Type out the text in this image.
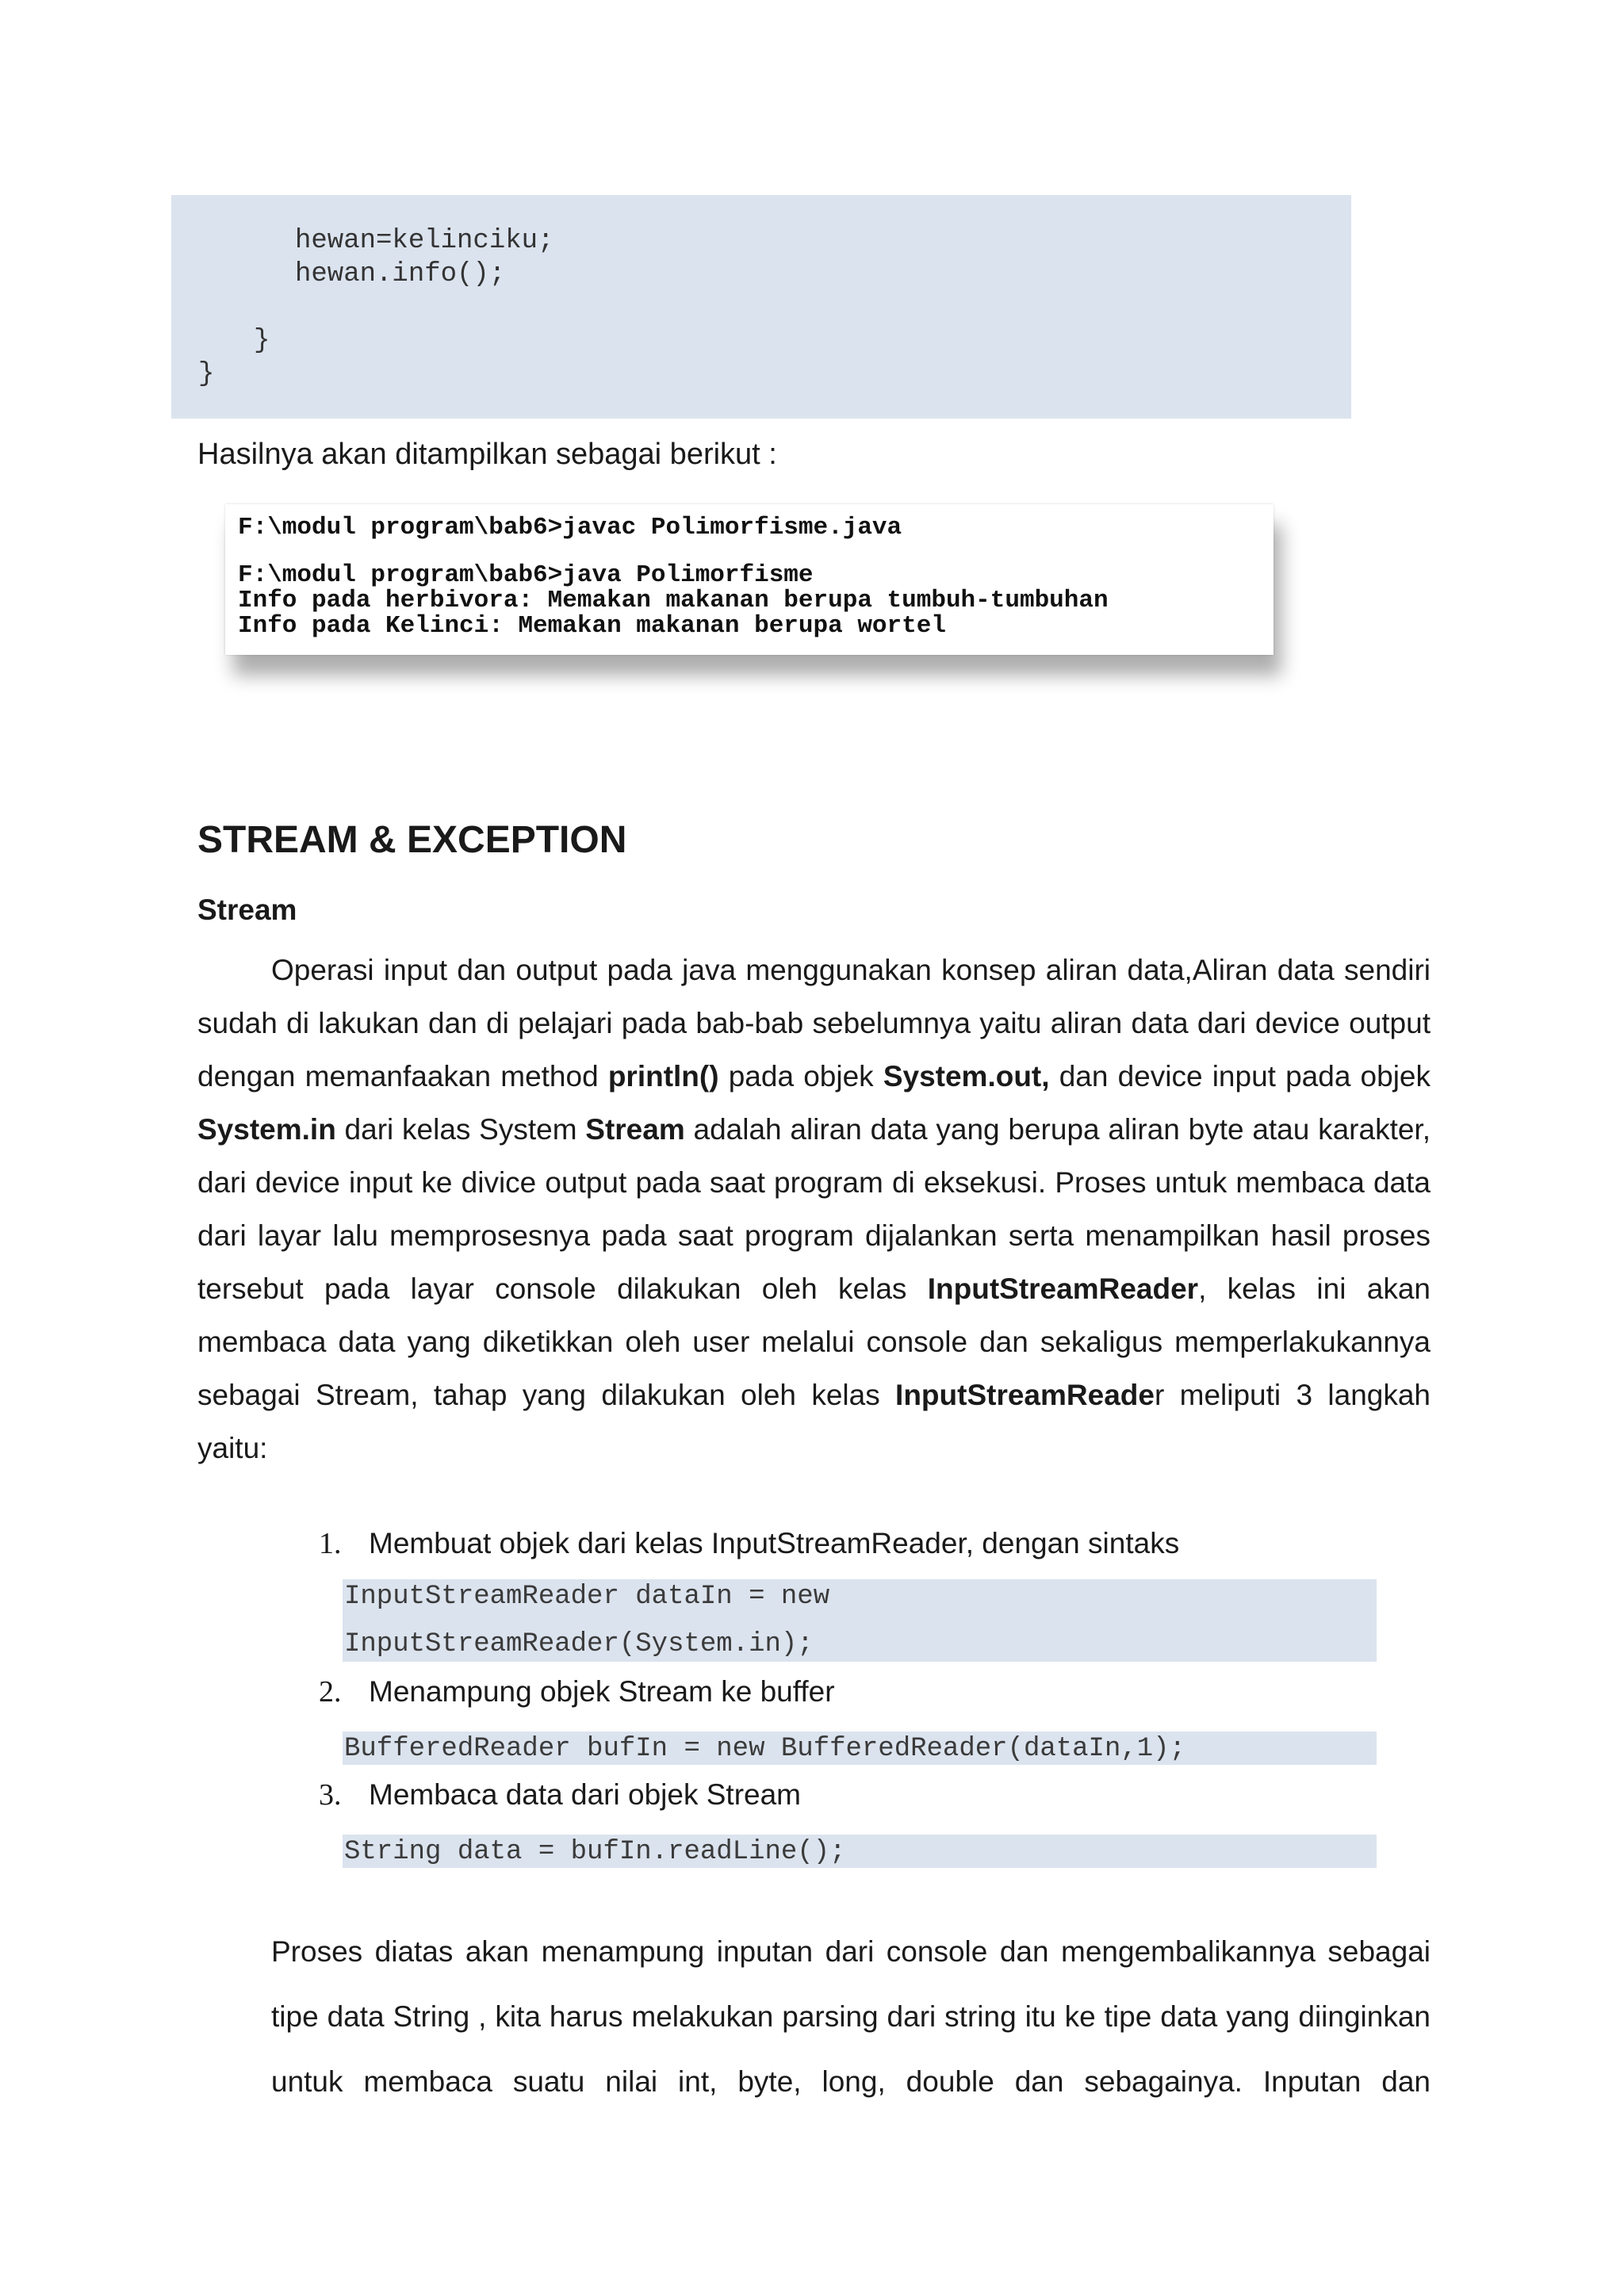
hewan=kelinciku;
hewan.info();
}
}
Hasilnya akan ditampilkan sebagai berikut :
F:\modul program\bab6>javac Polimorfisme.java
F:\modul program\bab6>java Polimorfisme
Info pada herbivora: Memakan makanan berupa tumbuh-tumbuhan
Info pada Kelinci: Memakan makanan berupa wortel
STREAM & EXCEPTION
Stream
Operasi input dan output pada java menggunakan konsep aliran data,Aliran data sendiri
sudah di lakukan dan di pelajari pada bab-bab sebelumnya yaitu aliran data dari device output
dengan memanfaakan method println() pada objek System.out, dan device input pada objek
System.in dari kelas System Stream adalah aliran data yang berupa aliran byte atau karakter,
dari device input ke divice output pada saat program di eksekusi. Proses untuk membaca data
dari layar lalu memprosesnya pada saat program dijalankan serta menampilkan hasil proses
tersebut pada layar console dilakukan oleh kelas InputStreamReader, kelas ini akan
membaca data yang diketikkan oleh user melalui console dan sekaligus memperlakukannya
sebagai Stream, tahap yang dilakukan oleh kelas InputStreamReader meliputi 3 langkah
yaitu:
1. Membuat objek dari kelas InputStreamReader, dengan sintaks
InputStreamReader dataIn = new
InputStreamReader(System.in);
2. Menampung objek Stream ke buffer
BufferedReader bufIn = new BufferedReader(dataIn,1);
3. Membaca data dari objek Stream
String data = bufIn.readLine();
Proses diatas akan menampung inputan dari console dan mengembalikannya sebagai
tipe data String , kita harus melakukan parsing dari string itu ke tipe data yang diinginkan
untuk membaca suatu nilai int, byte, long, double dan sebagainya. Inputan dan
